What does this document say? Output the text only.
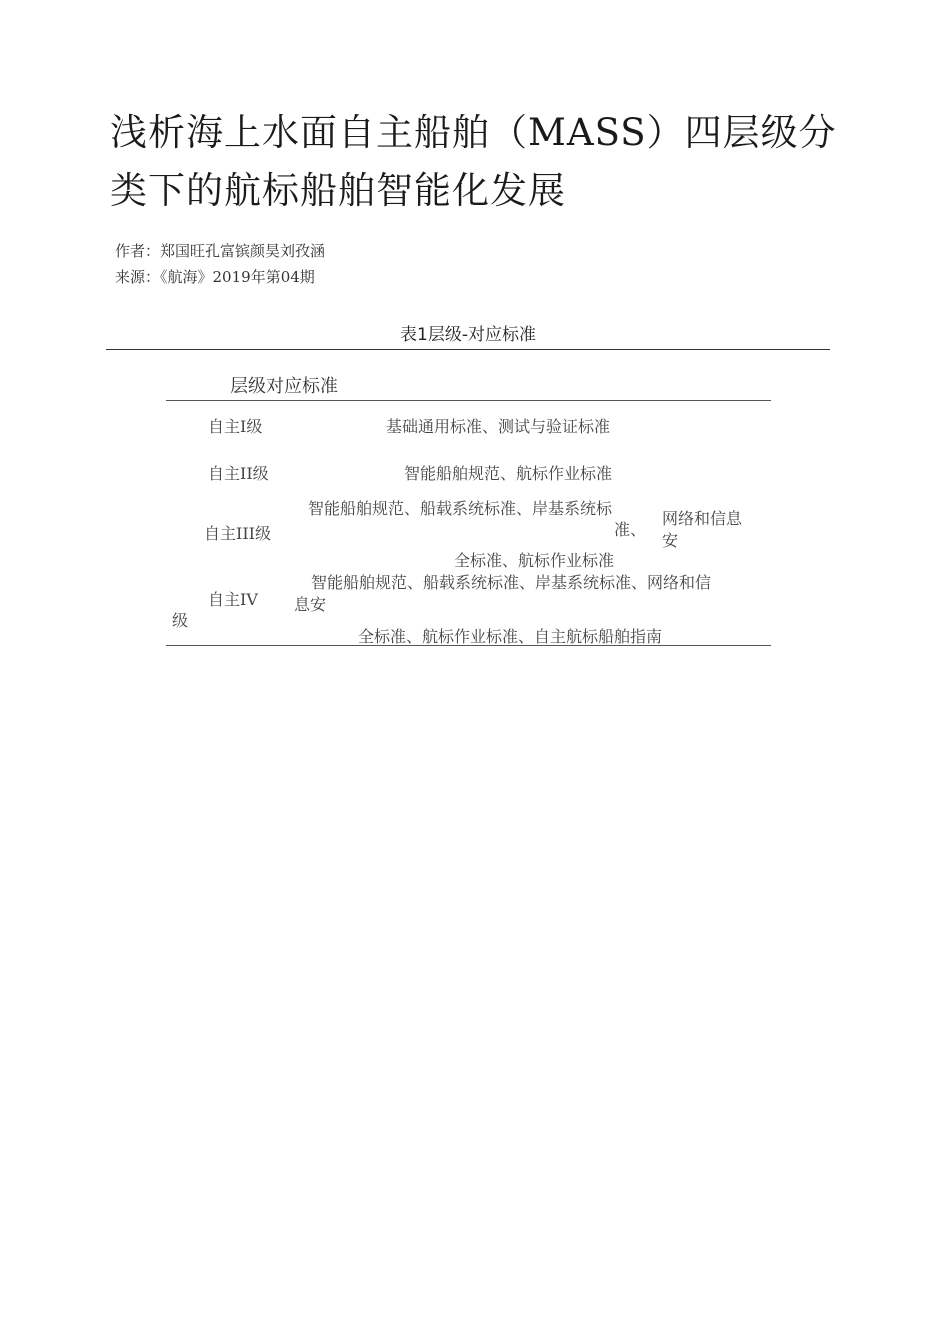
浅析海上水面自主船舶（MASS）四层级分
类下的航标船舶智能化发展
作者：郑国旺孔富镔颜昊刘孜涵
来源：《航海》2019年第04期
表1层级-对应标准
层级对应标准
自主I级	基础通用标准、测试与验证标准
自主II级	智能船舶规范、航标作业标准
自主III级
智能船舶规范、船载系统标准、岸基系统标
准、
网络和信息
安
全标准、航标作业标准
自主IV
级
智能船舶规范、船载系统标准、岸基系统标准、网络和信
息安
全标准、航标作业标准、自主航标船舶指南
